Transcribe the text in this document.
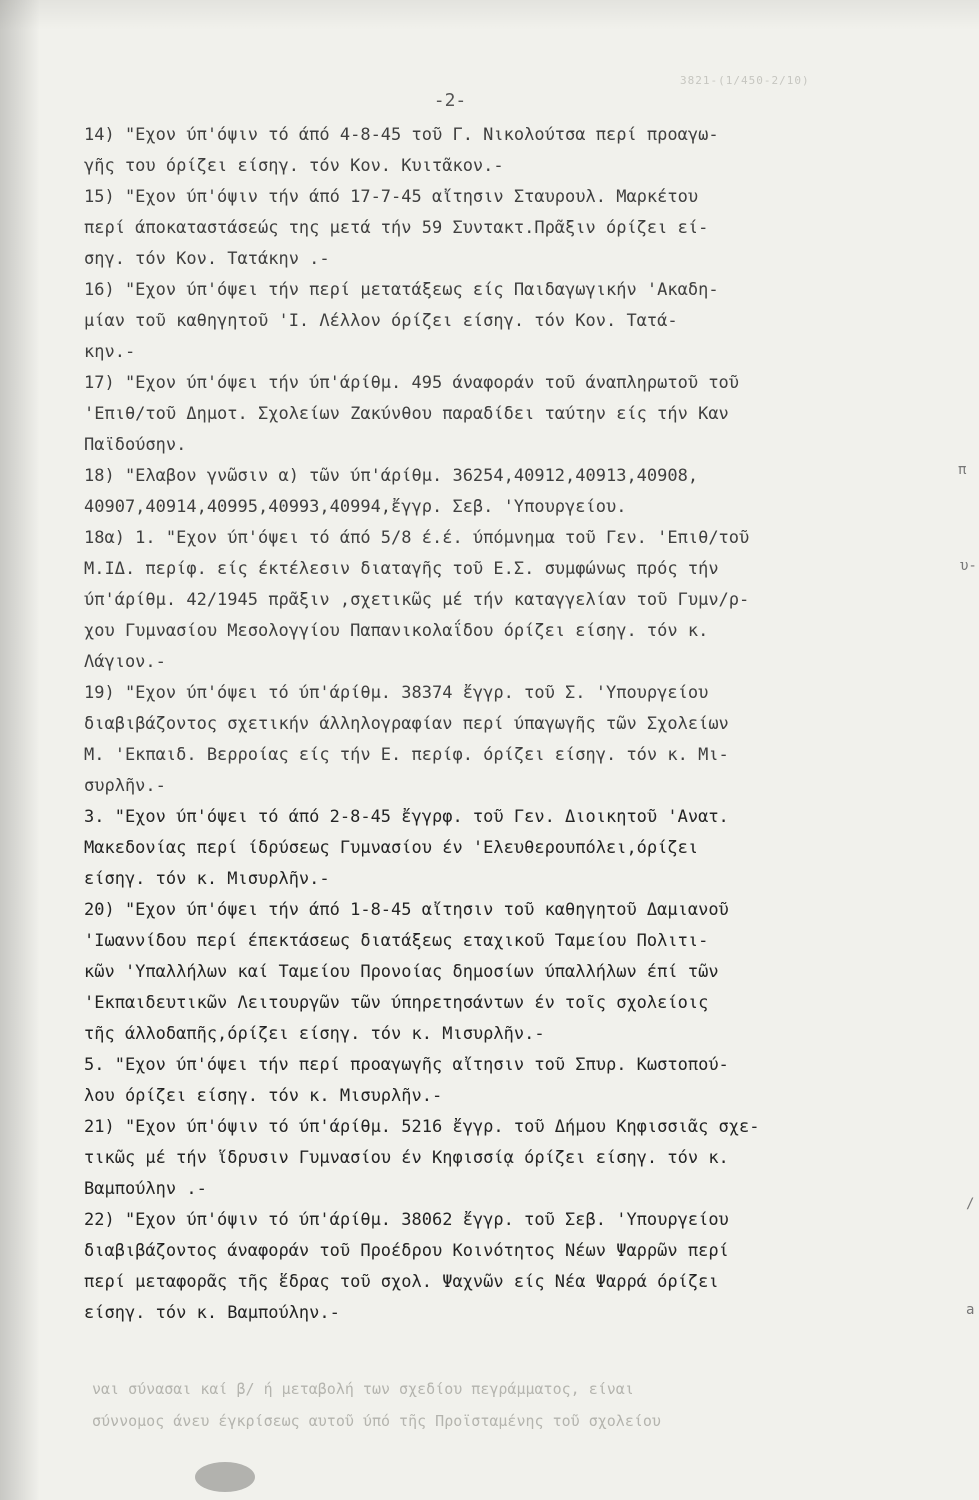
3821-(1/450-2/10)
-2-
14) "Εχον ύπ'όψιν τό άπό 4-8-45 τοῦ Γ. Νικολούτσα περί προαγω-
γῆς του όρίζει είσηγ. τόν Κον. Κυιτᾶκον.-
15) "Εχον ύπ'όψιν τήν άπό 17-7-45 αἴτησιν Σταυρουλ. Μαρκέτου
περί άποκαταστάσεώς της μετά τήν 59 Συντακτ.Πρᾶξιν όρίζει εί-
σηγ. τόν Κον. Τατάκην .-
16) "Εχον ύπ'όψει τήν περί μετατάξεως είς Παιδαγωγικήν 'Ακαδη-
μίαν τοῦ καθηγητοῦ 'Ι. Λέλλον όρίζει είσηγ. τόν Κον. Τατά-
κην.-
17) "Εχον ύπ'όψει τήν ύπ'άρίθμ. 495 άναφοράν τοῦ άναπληρωτοῦ τοῦ
'Επιθ/τοῦ Δημοτ. Σχολείων Ζακύνθου παραδίδει ταύτην είς τήν Καν
Παϊδούσην.
18) "Ελαβον γνῶσιν α) τῶν ύπ'άρίθμ. 36254,40912,40913,40908,
40907,40914,40995,40993,40994,ἔγγρ. Σεβ. 'Υπουργείου.
18α) 1. "Εχον ύπ'όψει τό άπό 5/8 έ.έ. ύπόμνημα τοῦ Γεν. 'Επιθ/τοῦ
Μ.ΙΔ. περίφ. είς έκτέλεσιν διαταγῆς τοῦ Ε.Σ. συμφώνως πρός τήν
ύπ'άρίθμ. 42/1945 πρᾶξιν ,σχετικῶς μέ τήν καταγγελίαν τοῦ Γυμν/ρ-
χου Γυμνασίου Μεσολογγίου Παπανικολαΐδου όρίζει είσηγ. τόν κ.
Λάγιον.-
19) "Εχον ύπ'όψει τό ύπ'άρίθμ. 38374 ἔγγρ. τοῦ Σ. 'Υπουργείου
διαβιβάζοντος σχετικήν άλληλογραφίαν περί ύπαγωγῆς τῶν Σχολείων
Μ. 'Εκπαιδ. Βερροίας είς τήν Ε. περίφ. όρίζει είσηγ. τόν κ. Μι-
συρλῆν.-
3. "Εχον ύπ'όψει τό άπό 2-8-45 ἔγγρφ. τοῦ Γεν. Διοικητοῦ 'Ανατ.
Μακεδονίας περί ίδρύσεως Γυμνασίου έν 'Ελευθερουπόλει,όρίζει
είσηγ. τόν κ. Μισυρλῆν.-
20) "Εχον ύπ'όψει τήν άπό 1-8-45 αἴτησιν τοῦ καθηγητοῦ Δαμιανοῦ
'Ιωαννίδου περί έπεκτάσεως διατάξεως εταχικοῦ Ταμείου Πολιτι-
κῶν 'Υπαλλήλων καί Ταμείου Προνοίας δημοσίων ύπαλλήλων έπί τῶν
'Εκπαιδευτικῶν Λειτουργῶν τῶν ύπηρετησάντων έν τοῖς σχολείοις
τῆς άλλοδαπῆς,όρίζει είσηγ. τόν κ. Μισυρλῆν.-
5. "Εχον ύπ'όψει τήν περί προαγωγῆς αἴτησιν τοῦ Σπυρ. Κωστοπού-
λου όρίζει είσηγ. τόν κ. Μισυρλῆν.-
21) "Εχον ύπ'όψιν τό ύπ'άρίθμ. 5216 ἔγγρ. τοῦ Δήμου Κηφισσιᾶς σχε-
τικῶς μέ τήν ἵδρυσιν Γυμνασίου έν Κηφισσίᾳ όρίζει είσηγ. τόν κ.
Βαμπούλην .-
22) "Εχον ύπ'όψιν τό ύπ'άρίθμ. 38062 ἔγγρ. τοῦ Σεβ. 'Υπουργείου
διαβιβάζοντος άναφοράν τοῦ Προέδρου Κοινότητος Νέων Ψαρρῶν περί
περί μεταφορᾶς τῆς ἕδρας τοῦ σχολ. Ψαχνῶν είς Νέα Ψαρρά όρίζει
είσηγ. τόν κ. Βαμπούλην.-
ναι σύνασαι καί β/ ή μεταβολή των σχεδίου πεγράμματος, είναι
σύννομος άνευ έγκρίσεως αυτοῦ ύπό τῆς Προϊσταμένης τοῦ σχολείου
π
υ-
a
/
